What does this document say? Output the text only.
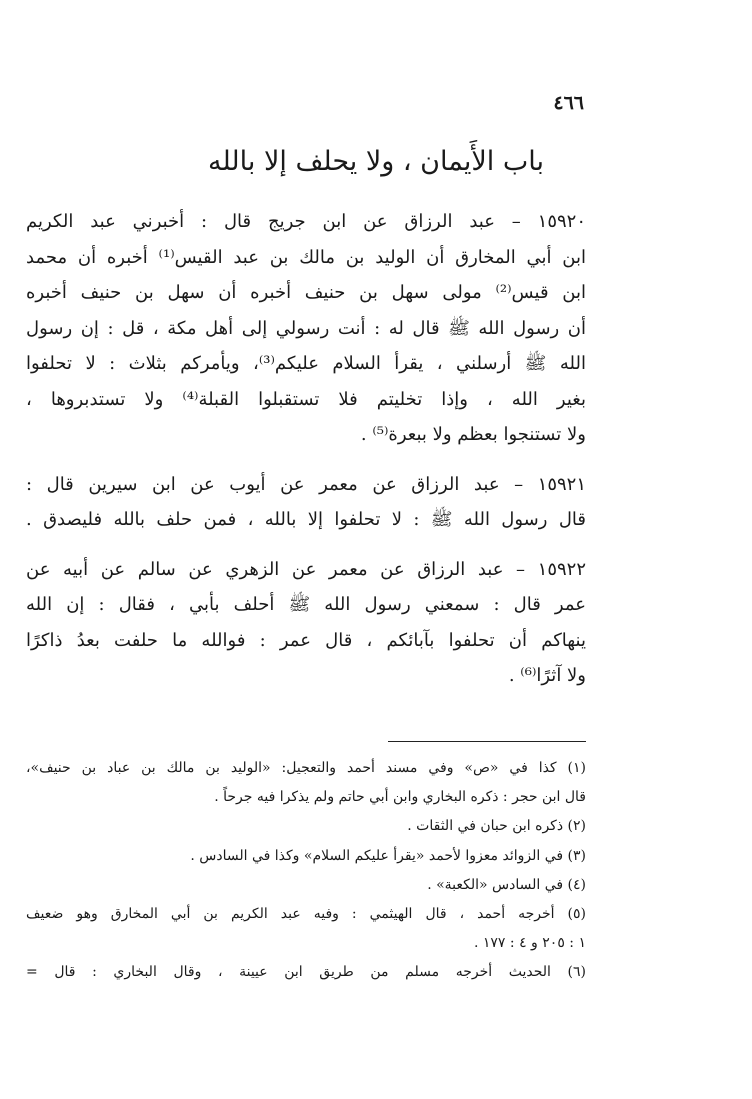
٤٦٦
باب الأَيمان ، ولا يحلف إلا بالله
١٥٩٢٠ – عبد الرزاق عن ابن جريج قال : أخبرني عبد الكريم
ابن أبي المخارق أن الوليد بن مالك بن عبد القيس⁽¹⁾ أخبره أن محمد
ابن قيس⁽²⁾ مولى سهل بن حنيف أخبره أن سهل بن حنيف أخبره
أن رسول الله ﷺ قال له : أنت رسولي إلى أهل مكة ، قل : إن رسول
الله ﷺ أرسلني ، يقرأ السلام عليكم⁽³⁾، ويأمركم بثلاث : لا تحلفوا
بغير الله ، وإذا تخليتم فلا تستقبلوا القبلة⁽⁴⁾ ولا تستدبروها ،
ولا تستنجوا بعظم ولا ببعرة⁽⁵⁾ .
١٥٩٢١ – عبد الرزاق عن معمر عن أيوب عن ابن سيرين قال :
قال رسول الله ﷺ : لا تحلفوا إلا بالله ، فمن حلف بالله فليصدق .
١٥٩٢٢ – عبد الرزاق عن معمر عن الزهري عن سالم عن أبيه عن
عمر قال : سمعني رسول الله ﷺ أحلف بأبي ، فقال : إن الله
ينهاكم أن تحلفوا بآبائكم ، قال عمر : فوالله ما حلفت بعدُ ذاكرًا
ولا آثرًا⁽⁶⁾ .
(١) كذا في «ص» وفي مسند أحمد والتعجيل: «الوليد بن مالك بن عباد بن حنيف»،
قال ابن حجر : ذكره البخاري وابن أبي حاتم ولم يذكرا فيه جرحاً .
(٢) ذكره ابن حبان في الثقات .
(٣) في الزوائد معزوا لأحمد «يقرأ عليكم السلام» وكذا في السادس .
(٤) في السادس «الكعبة» .
(٥) أخرجه أحمد ، قال الهيثمي : وفيه عبد الكريم بن أبي المخارق وهو ضعيف
١ : ٢٠٥ و ٤ : ١٧٧ .
(٦) الحديث أخرجه مسلم من طريق ابن عيينة ، وقال البخاري : قال =
